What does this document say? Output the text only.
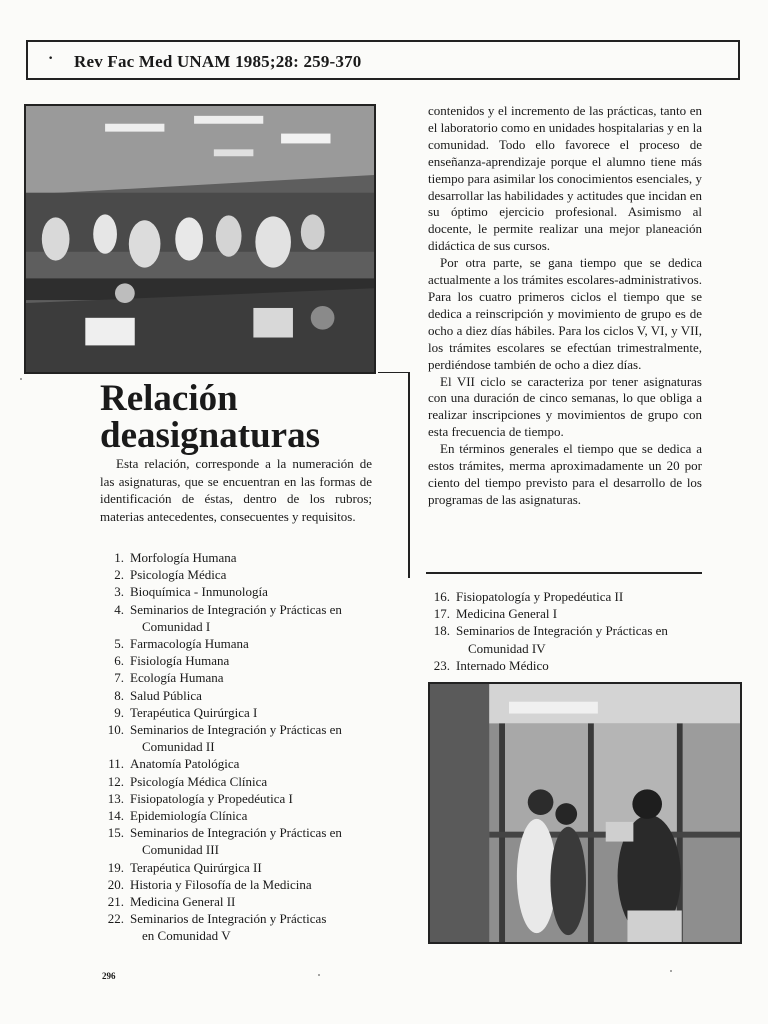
· Rev Fac Med UNAM 1985;28: 259-370
Relación
deasignaturas

Esta relación, corresponde a la numeración de las asignaturas, que se encuentran en las formas de identificación de éstas, dentro de los rubros; materias antecedentes, consecuentes y requisitos.

1. Morfología Humana
2. Psicología Médica
3. Bioquímica - Inmunología
4. Seminarios de Integración y Prácticas en
Comunidad I
5. Farmacología Humana
6. Fisiología Humana
7. Ecología Humana
8. Salud Pública
9. Terapéutica Quirúrgica I
10. Seminarios de Integración y Prácticas en
Comunidad II
11. Anatomía Patológica
12. Psicología Médica Clínica
13. Fisiopatología y Propedéutica I
14. Epidemiología Clínica
15. Seminarios de Integración y Prácticas en
Comunidad III
19. Terapéutica Quirúrgica II
20. Historia y Filosofía de la Medicina
21. Medicina General II
22. Seminarios de Integración y Prácticas
en Comunidad V

contenidos y el incremento de las prácticas, tanto en el laboratorio como en unidades hospitalarias y en la comunidad. Todo ello favorece el proceso de enseñanza-aprendizaje porque el alumno tiene más tiempo para asimilar los conocimientos esenciales, y desarrollar las habilidades y actitudes que incidan en su óptimo ejercicio profesional. Asimismo al docente, le permite realizar una mejor planeación didáctica de sus cursos.

Por otra parte, se gana tiempo que se dedica actualmente a los trámites escolares-administrativos. Para los cuatro primeros ciclos el tiempo que se dedica a reinscripción y movimiento de grupo es de ocho a diez días hábiles. Para los ciclos V, VI, y VII, los trámites escolares se efectúan trimestralmente, perdiéndose también de ocho a diez días.

El VII ciclo se caracteriza por tener asignaturas con una duración de cinco semanas, lo que obliga a realizar inscripciones y movimientos de grupo con esta frecuencia de tiempo.

En términos generales el tiempo que se dedica a estos trámites, merma aproximadamente un 20 por ciento del tiempo previsto para el desarrollo de los programas de las asignaturas.

16. Fisiopatología y Propedéutica II
17. Medicina General I
18. Seminarios de Integración y Prácticas en
Comunidad IV
23. Internado Médico
296
